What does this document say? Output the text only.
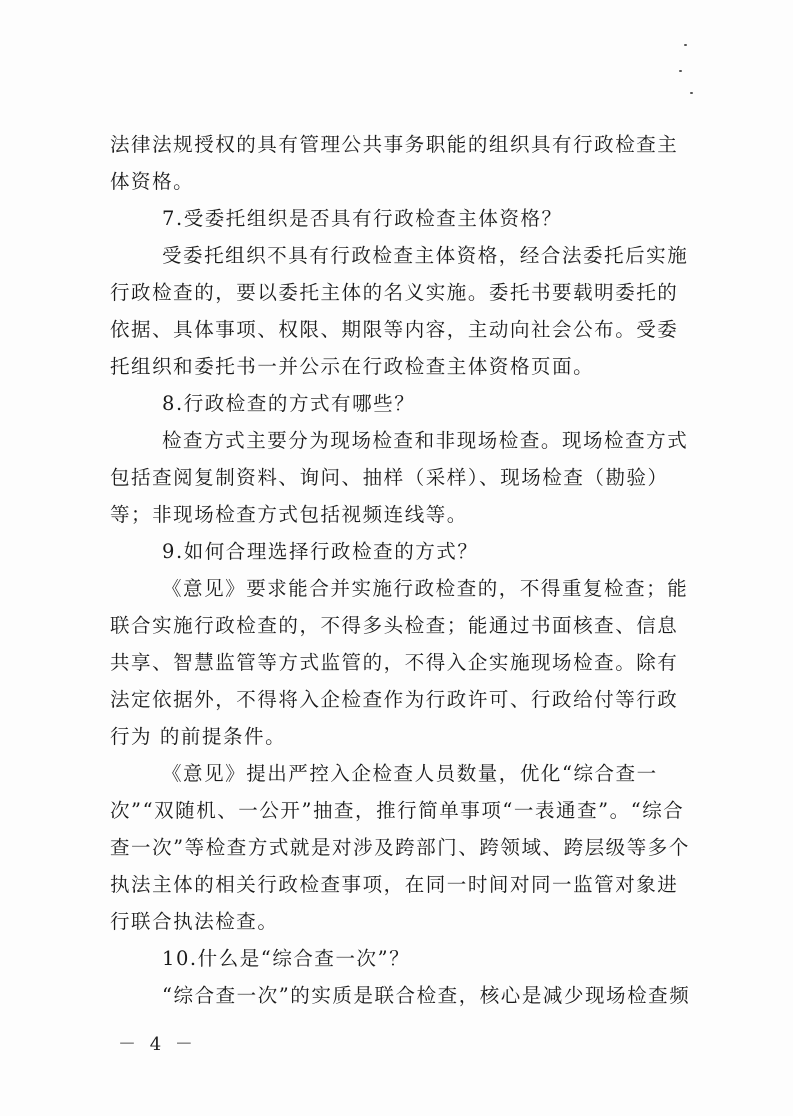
法律法规授权的具有管理公共事务职能的组织具有行政检查主
体资格。
7.受委托组织是否具有行政检查主体资格？
受委托组织不具有行政检查主体资格，经合法委托后实施
行政检查的，要以委托主体的名义实施。委托书要载明委托的
依据、具体事项、权限、期限等内容，主动向社会公布。受委
托组织和委托书一并公示在行政检查主体资格页面。
8.行政检查的方式有哪些？
检查方式主要分为现场检查和非现场检查。现场检查方式
包括查阅复制资料、询问、抽样（采样）、现场检查（勘验）
等；非现场检查方式包括视频连线等。
9.如何合理选择行政检查的方式？
《意见》要求能合并实施行政检查的，不得重复检查；能
联合实施行政检查的，不得多头检查；能通过书面核查、信息
共享、智慧监管等方式监管的，不得入企实施现场检查。除有
法定依据外，不得将入企检查作为行政许可、行政给付等行政
行为 的前提条件。
《意见》提出严控入企检查人员数量，优化“综合查一
次”“双随机、一公开”抽查，推行简单事项“一表通查”。“综合
查一次”等检查方式就是对涉及跨部门、跨领域、跨层级等多个
执法主体的相关行政检查事项，在同一时间对同一监管对象进
行联合执法检查。
10.什么是“综合查一次”？
“综合查一次”的实质是联合检查，核心是减少现场检查频
－ 4 －
